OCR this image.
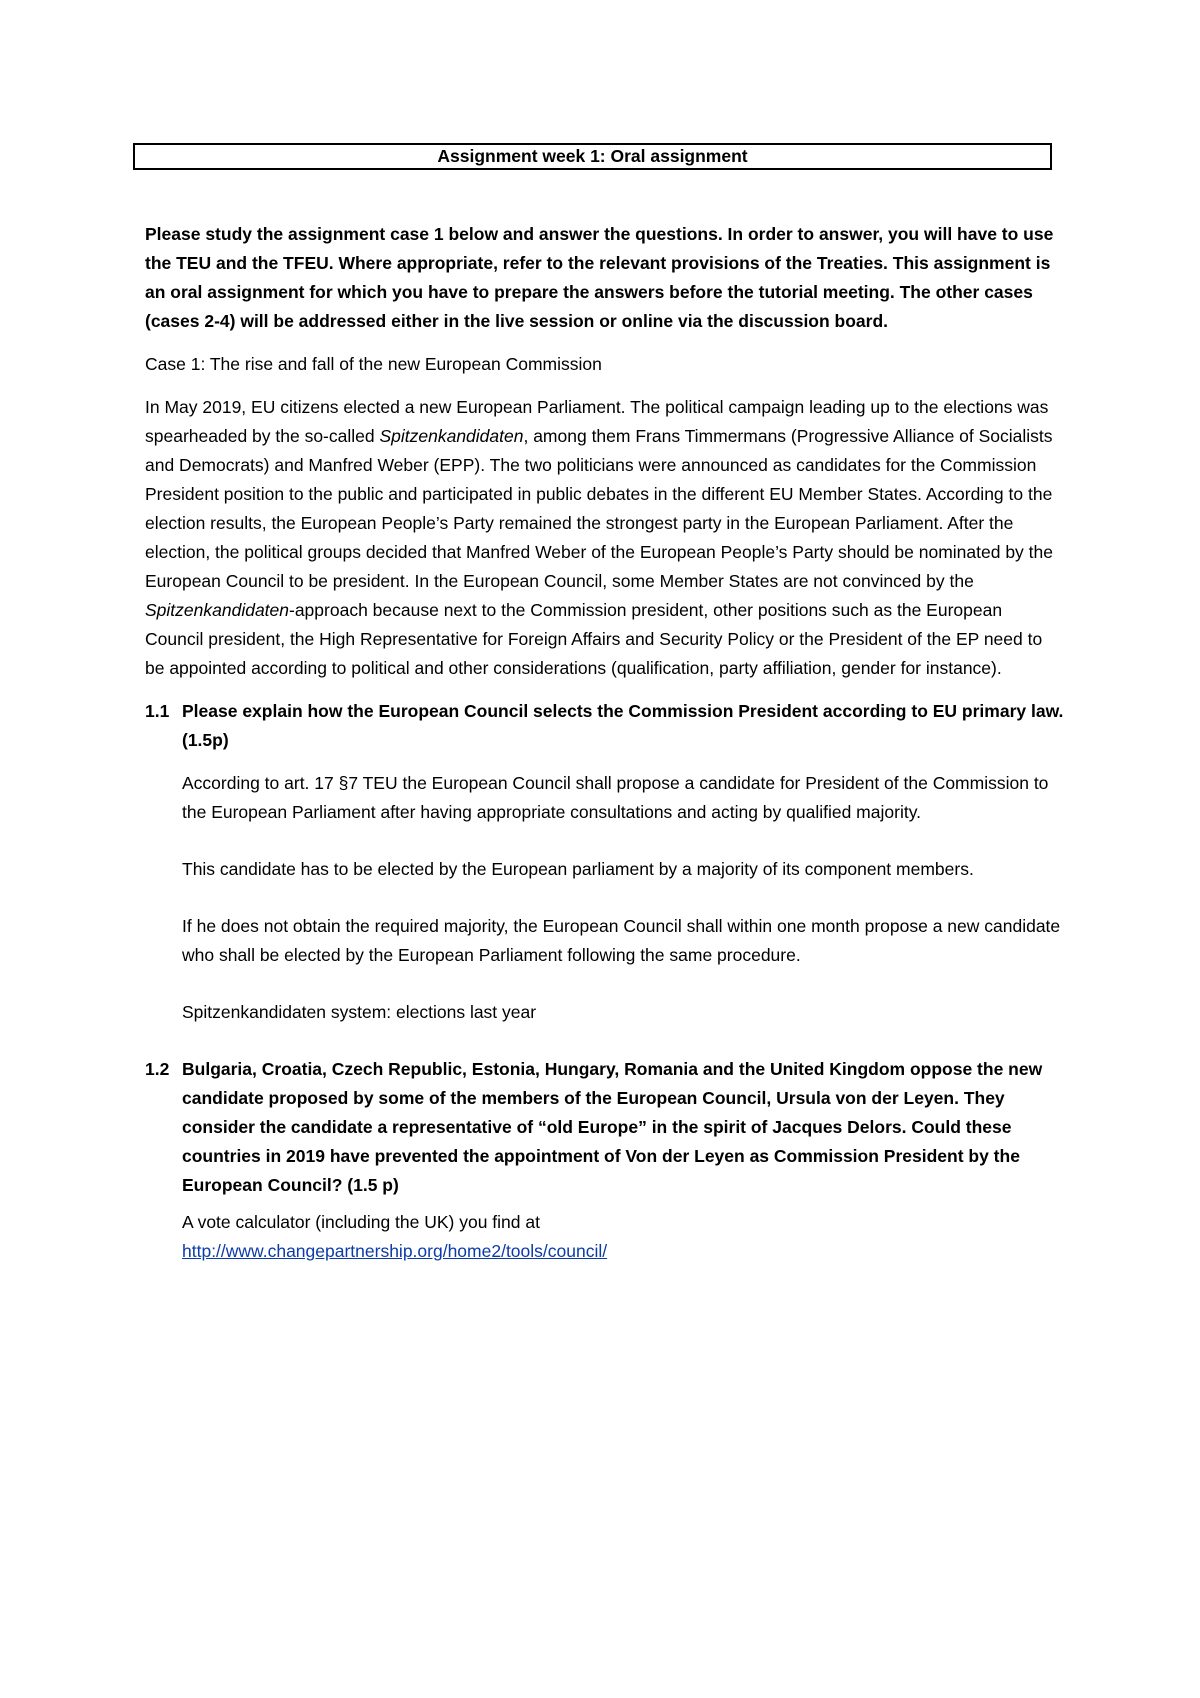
Assignment week 1: Oral assignment

Please study the assignment case 1 below and answer the questions. In order to answer, you will have to use the TEU and the TFEU. Where appropriate, refer to the relevant provisions of the Treaties. This assignment is an oral assignment for which you have to prepare the answers before the tutorial meeting. The other cases (cases 2-4) will be addressed either in the live session or online via the discussion board.

Case 1: The rise and fall of the new European Commission

In May 2019, EU citizens elected a new European Parliament. The political campaign leading up to the elections was spearheaded by the so-called Spitzenkandidaten, among them Frans Timmermans (Progressive Alliance of Socialists and Democrats) and Manfred Weber (EPP). The two politicians were announced as candidates for the Commission President position to the public and participated in public debates in the different EU Member States. According to the election results, the European People’s Party remained the strongest party in the European Parliament. After the election, the political groups decided that Manfred Weber of the European People’s Party should be nominated by the European Council to be president. In the European Council, some Member States are not convinced by the Spitzenkandidaten-approach because next to the Commission president, other positions such as the European Council president, the High Representative for Foreign Affairs and Security Policy or the President of the EP need to be appointed according to political and other considerations (qualification, party affiliation, gender for instance).

1.1 Please explain how the European Council selects the Commission President according to EU primary law. (1.5p)

According to art. 17 §7 TEU the European Council shall propose a candidate for President of the Commission to the European Parliament after having appropriate consultations and acting by qualified majority.

This candidate has to be elected by the European parliament by a majority of its component members.

If he does not obtain the required majority, the European Council shall within one month propose a new candidate who shall be elected by the European Parliament following the same procedure.

Spitzenkandidaten system: elections last year

1.2 Bulgaria, Croatia, Czech Republic, Estonia, Hungary, Romania and the United Kingdom oppose the new candidate proposed by some of the members of the European Council, Ursula von der Leyen. They consider the candidate a representative of “old Europe” in the spirit of Jacques Delors. Could these countries in 2019 have prevented the appointment of Von der Leyen as Commission President by the European Council? (1.5 p)
A vote calculator (including the UK) you find at
http://www.changepartnership.org/home2/tools/council/
